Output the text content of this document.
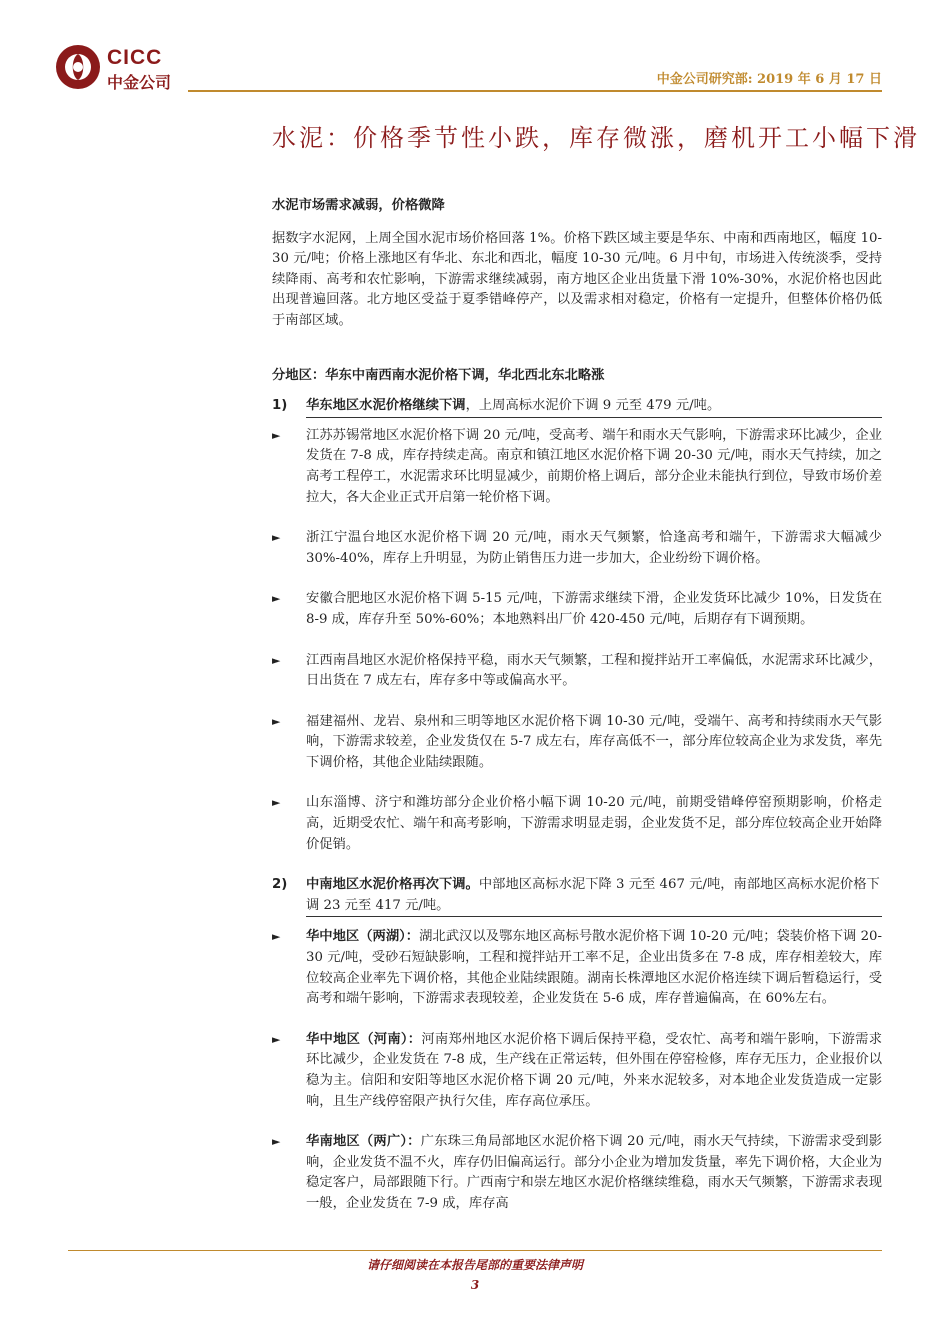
CICC
中金公司	中金公司研究部: 2019 年 6 月 17 日
水泥：价格季节性小跌，库存微涨，磨机开工小幅下滑
水泥市场需求减弱，价格微降
据数字水泥网，上周全国水泥市场价格回落 1%。价格下跌区域主要是华东、中南和西南地区，幅度 10-30 元/吨；价格上涨地区有华北、东北和西北，幅度 10-30 元/吨。6 月中旬，市场进入传统淡季，受持续降雨、高考和农忙影响，下游需求继续减弱，南方地区企业出货量下滑 10%-30%，水泥价格也因此出现普遍回落。北方地区受益于夏季错峰停产，以及需求相对稳定，价格有一定提升，但整体价格仍低于南部区域。
分地区：华东中南西南水泥价格下调，华北西北东北略涨
1)	华东地区水泥价格继续下调，上周高标水泥价下调 9 元至 479 元/吨。
►	江苏苏锡常地区水泥价格下调 20 元/吨，受高考、端午和雨水天气影响，下游需求环比减少，企业发货在 7-8 成，库存持续走高。南京和镇江地区水泥价格下调 20-30 元/吨，雨水天气持续，加之高考工程停工，水泥需求环比明显减少，前期价格上调后，部分企业未能执行到位，导致市场价差拉大，各大企业正式开启第一轮价格下调。
►	浙江宁温台地区水泥价格下调 20 元/吨，雨水天气频繁，恰逢高考和端午，下游需求大幅减少 30%-40%，库存上升明显，为防止销售压力进一步加大，企业纷纷下调价格。
►	安徽合肥地区水泥价格下调 5-15 元/吨，下游需求继续下滑，企业发货环比减少 10%，日发货在 8-9 成，库存升至 50%-60%；本地熟料出厂价 420-450 元/吨，后期存有下调预期。
►	江西南昌地区水泥价格保持平稳，雨水天气频繁，工程和搅拌站开工率偏低，水泥需求环比减少，日出货在 7 成左右，库存多中等或偏高水平。
►	福建福州、龙岩、泉州和三明等地区水泥价格下调 10-30 元/吨，受端午、高考和持续雨水天气影响，下游需求较差，企业发货仅在 5-7 成左右，库存高低不一，部分库位较高企业为求发货，率先下调价格，其他企业陆续跟随。
►	山东淄博、济宁和潍坊部分企业价格小幅下调 10-20 元/吨，前期受错峰停窑预期影响，价格走高，近期受农忙、端午和高考影响，下游需求明显走弱，企业发货不足，部分库位较高企业开始降价促销。
2)	中南地区水泥价格再次下调。中部地区高标水泥下降 3 元至 467 元/吨，南部地区高标水泥价格下调 23 元至 417 元/吨。
►	华中地区（两湖）：湖北武汉以及鄂东地区高标号散水泥价格下调 10-20 元/吨；袋装价格下调 20-30 元/吨，受砂石短缺影响，工程和搅拌站开工率不足，企业出货多在 7-8 成，库存相差较大，库位较高企业率先下调价格，其他企业陆续跟随。湖南长株潭地区水泥价格连续下调后暂稳运行，受高考和端午影响，下游需求表现较差，企业发货在 5-6 成，库存普遍偏高，在 60%左右。
►	华中地区（河南）：河南郑州地区水泥价格下调后保持平稳，受农忙、高考和端午影响，下游需求环比减少，企业发货在 7-8 成，生产线在正常运转，但外围在停窑检修，库存无压力，企业报价以稳为主。信阳和安阳等地区水泥价格下调 20 元/吨，外来水泥较多，对本地企业发货造成一定影响，且生产线停窑限产执行欠佳，库存高位承压。
►	华南地区（两广）：广东珠三角局部地区水泥价格下调 20 元/吨，雨水天气持续，下游需求受到影响，企业发货不温不火，库存仍旧偏高运行。部分小企业为增加发货量，率先下调价格，大企业为稳定客户，局部跟随下行。广西南宁和崇左地区水泥价格继续维稳，雨水天气频繁，下游需求表现一般，企业发货在 7-9 成，库存高
请仔细阅读在本报告尾部的重要法律声明
3
